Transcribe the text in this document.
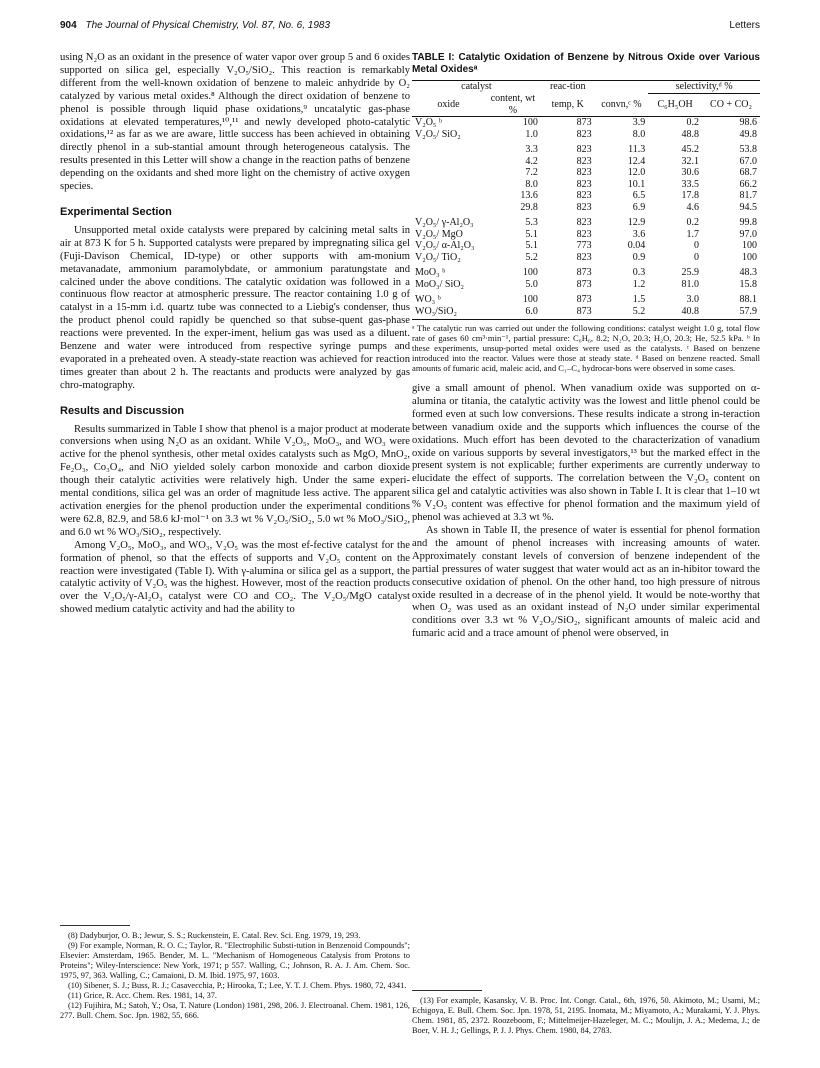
904 The Journal of Physical Chemistry, Vol. 87, No. 6, 1983	Letters

using N₂O as an oxidant in the presence of water vapor over group 5 and 6 oxides supported on silica gel, especially V₂O₅/SiO₂. This reaction is remarkably different from the well-known oxidation of benzene to maleic anhydride by O₂ catalyzed by various metal oxides.⁸ Although the direct oxidation of benzene to phenol is possible through liquid phase oxidations,⁹ uncatalytic gas-phase oxidations at elevated temperatures,¹⁰,¹¹ and newly developed photo-catalytic oxidations,¹² as far as we are aware, little success has been achieved in obtaining directly phenol in a sub-stantial amount through heterogeneous catalysis. The results presented in this Letter will show a change in the reaction paths of benzene depending on the oxidants and shed more light on the chemistry of active oxygen species.

Experimental Section

Unsupported metal oxide catalysts were prepared by calcining metal salts in air at 873 K for 5 h. Supported catalysts were prepared by impregnating silica gel (Fuji-Davison Chemical, ID-type) or other supports with am-monium metavanadate, ammonium paramolybdate, or ammonium paratungstate and calcined under the above conditions. The catalytic oxidation was followed in a continuous flow reactor at atmospheric pressure. The reactor containing 1.0 g of catalyst in a 15-mm i.d. quartz tube was connected to a Liebig's condenser, thus the product phenol could rapidly be quenched so that subse-quent gas-phase reactions were prevented. In the exper-iment, helium gas was used as a diluent. Benzene and water were introduced from respective syringe pumps and evaporated in a preheated oven. A steady-state reaction was achieved for reaction times greater than about 2 h. The reactants and products were analyzed by gas chro-matography.

Results and Discussion

Results summarized in Table I show that phenol is a major product at moderate conversions when using N₂O as an oxidant. While V₂O₅, MoO₃, and WO₃ were active for the phenol synthesis, other metal oxides catalysts such as MgO, MnO₂, Fe₂O₃, Co₃O₄, and NiO yielded solely carbon monoxide and carbon dioxide though their catalytic activities were relatively high. Under the same experi-mental conditions, silica gel was an order of magnitude less active. The apparent activation energies for the phenol production under the experimental conditions were 62.8, 82.9, and 58.6 kJ·mol⁻¹ on 3.3 wt % V₂O₅/SiO₂, 5.0 wt % MoO₃/SiO₂, and 6.0 wt % WO₃/SiO₂, respectively.

Among V₂O₅, MoO₃, and WO₃, V₂O₅ was the most ef-fective catalyst for the formation of phenol, so that the effects of supports and V₂O₅ content on the reaction were investigated (Table I). With γ-alumina or silica gel as a support, the catalytic activity of V₂O₅ was the highest. However, most of the reaction products over the V₂O₅/γ-Al₂O₃ catalyst were CO and CO₂. The V₂O₅/MgO catalyst showed medium catalytic activity and had the ability to

(8) Dadyburjor, O. B.; Jewur, S. S.; Ruckenstein, E. Catal. Rev. Sci. Eng. 1979, 19, 293.

(9) For example, Norman, R. O. C.; Taylor, R. "Electrophilic Substi-tution in Benzenoid Compounds"; Elsevier: Amsterdam, 1965. Bender, M. L. "Mechanism of Homogeneous Catalysis from Protons to Proteins"; Wiley-Interscience: New York, 1971; p 557. Walling, C.; Johnson, R. A. J. Am. Chem. Soc. 1975, 97, 363. Walling, C.; Camaioni, D. M. Ibid. 1975, 97, 1603.

(10) Sibener, S. J.; Buss, R. J.; Casavecchia, P.; Hirooka, T.; Lee, Y. T. J. Chem. Phys. 1980, 72, 4341.

(11) Grice, R. Acc. Chem. Res. 1981, 14, 37.

(12) Fujihira, M.; Satoh, Y.; Osa, T. Nature (London) 1981, 298, 206. J. Electroanal. Chem. 1981, 126, 277. Bull. Chem. Soc. Jpn. 1982, 55, 666.

TABLE I: Catalytic Oxidation of Benzene by Nitrous Oxide over Various Metal Oxidesᵃ
catalyst		reac-tion		selectivity,ᵈ %	
oxide	content, wt %	temp, K	convn,ᶜ %	C₆H₅OH	CO + CO₂
V₂O₅ ᵇ	100	873	3.9	0.2	98.6
V₂O₅/ SiO₂	1.0	823	8.0	48.8	49.8
	3.3	823	11.3	45.2	53.8
	4.2	823	12.4	32.1	67.0
	7.2	823	12.0	30.6	68.7
	8.0	823	10.1	33.5	66.2
	13.6	823	6.5	17.8	81.7
	29.8	823	6.9	4.6	94.5
V₂O₅/ γ-Al₂O₃	5.3	823	12.9	0.2	99.8
V₂O₅/ MgO	5.1	823	3.6	1.7	97.0
V₂O₅/ α-Al₂O₃	5.1	773	0.04	0	100
V₂O₅/ TiO₂	5.2	823	0.9	0	100
MoO₃ ᵇ	100	873	0.3	25.9	48.3
MoO₃/ SiO₂	5.0	873	1.2	81.0	15.8
WO₃ ᵇ	100	873	1.5	3.0	88.1
WO₃/SiO₂	6.0	873	5.2	40.8	57.9
ᵃ The catalytic run was carried out under the following conditions: catalyst weight 1.0 g, total flow rate of gases 60 cm³·min⁻¹, partial pressure: C₆H₆, 8.2; N₂O, 20.3; H₂O, 20.3; He, 52.5 kPa. ᵇ In these experiments, unsup-ported metal oxides were used as the catalysts. ᶜ Based on benzene introduced into the reactor. Values were those at steady state. ᵈ Based on benzene reacted. Small amounts of fumaric acid, maleic acid, and C₁–C₄ hydrocar-bons were observed in some cases.

give a small amount of phenol. When vanadium oxide was supported on α-alumina or titania, the catalytic activity was the lowest and little phenol could be formed even at such low conversions. These results indicate a strong in-teraction between vanadium oxide and the supports which influences the course of the oxidations. Much effort has been devoted to the characterization of vanadium oxide on various supports by several investigators,¹³ but the marked effect in the present system is not explicable; further experiments are currently underway to elucidate the effect of supports. The correlation between the V₂O₅ content on silica gel and catalytic activities was also shown in Table I. It is clear that 1–10 wt % V₂O₅ content was effective for phenol formation and the maximum yield of phenol was achieved at 3.3 wt %.

As shown in Table II, the presence of water is essential for phenol formation and the amount of phenol increases with increasing amounts of water. Approximately constant levels of conversion of benzene independent of the partial pressures of water suggest that water would act as an in-hibitor toward the consecutive oxidation of phenol. On the other hand, too high pressure of nitrous oxide resulted in a decrease of in the phenol yield. It would be note-worthy that when O₂ was used as an oxidant instead of N₂O under similar experimental conditions over 3.3 wt % V₂O₅/SiO₂, significant amounts of maleic acid and fumaric acid and a trace amount of phenol were observed, in

(13) For example, Kasansky, V. B. Proc. Int. Congr. Catal., 6th, 1976, 50. Akimoto, M.; Usami, M.; Echigoya, E. Bull. Chem. Soc. Jpn. 1978, 51, 2195. Inomata, M.; Miyamoto, A.; Murakami, Y. J. Phys. Chem. 1981, 85, 2372. Roozeboom, F.; Mittelmeijer-Hazeleger, M. C.; Moulijn, J. A.; Medema, J.; de Boer, V. H. J.; Gellings, P. J. J. Phys. Chem. 1980, 84, 2783.
